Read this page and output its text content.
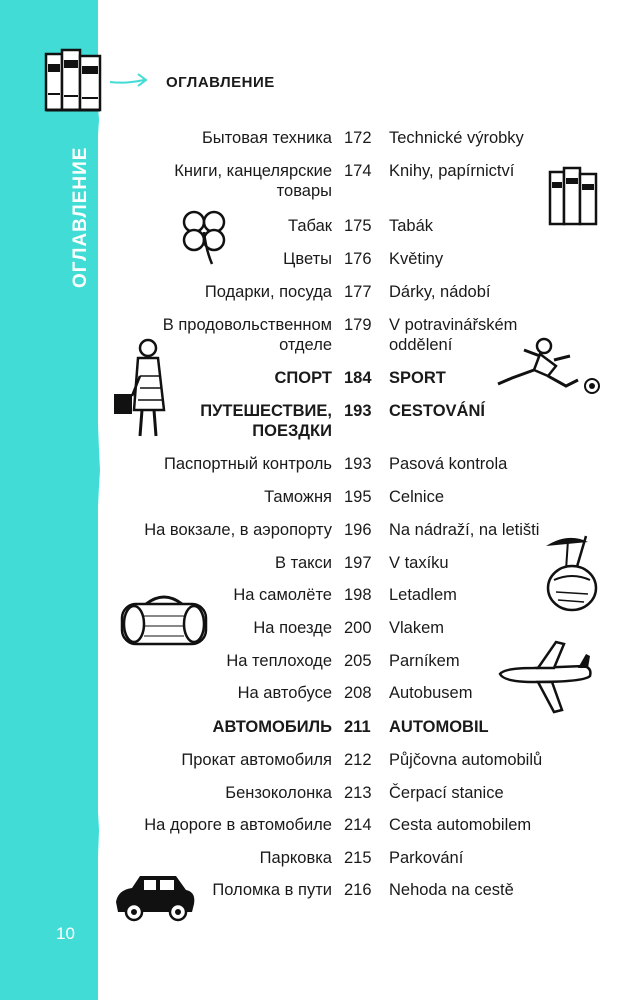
ОГЛАВЛЕНИЕ
10
ОГЛАВЛЕНИЕ
Бытовая техника 172	Technické výrobky
Книги, канцелярские товары
174	Knihy, papírnictví
Табак 175	Tabák
Цветы 176	Květiny
Подарки, посуда 177	Dárky, nádobí
В продовольственном отделе
179	V potravinářském oddělení
СПОРТ 184	SPORT
ПУТЕШЕСТВИЕ, ПОЕЗДКИ
193	CESTOVÁNÍ
Паспортный контроль 193	Pasová kontrola
Таможня 195	Celnice
На вокзале, в аэропорту 196	Na nádraží, na letišti
В такси 197	V taxíku
На самолёте 198	Letadlem
На поезде 200	Vlakem
На теплоходе 205	Parníkem
На автобусе 208	Autobusem
АВТОМОБИЛЬ 211	AUTOMOBIL
Прокат автомобиля 212	Půjčovna automobilů
Бензоколонка 213	Čerpací stanice
На дороге в автомобиле 214	Cesta automobilem
Парковка 215	Parkování
Поломка в пути 216	Nehoda na cestě
